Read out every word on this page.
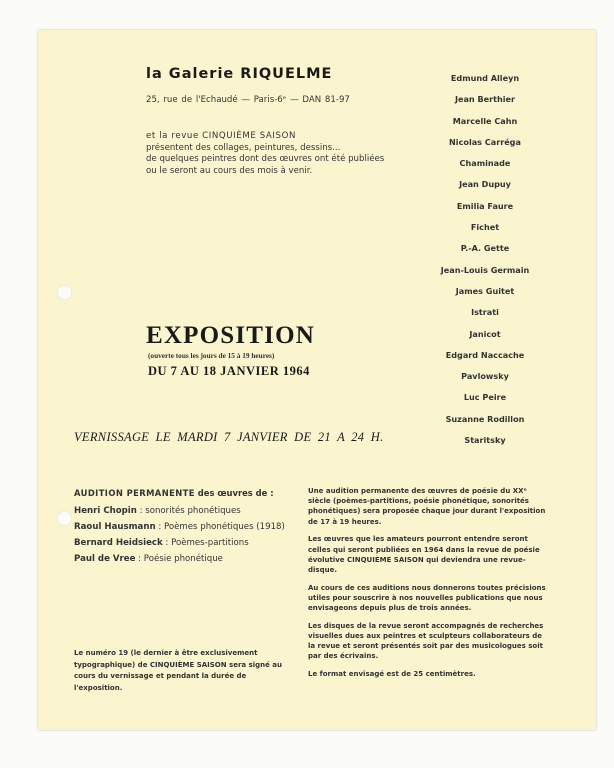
la Galerie RIQUELME
25, rue de l'Echaudé — Paris-6ᵉ — DAN 81-97
et la revue CINQUIÈME SAISON
présentent des collages, peintures, dessins...
de quelques peintres dont des œuvres ont été publiées
ou le seront au cours des mois à venir.
Edmund Alleyn
Jean Berthier
Marcelle Cahn
Nicolas Carréga
Chaminade
Jean Dupuy
Emilia Faure
Fichet
P.-A. Gette
Jean-Louis Germain
James Guitet
Istrati
Janicot
Edgard Naccache
Pavlowsky
Luc Peire
Suzanne Rodillon
Staritsky
EXPOSITION
(ouverte tous les jours de 15 à 19 heures)
DU 7 AU 18 JANVIER 1964
VERNISSAGE LE MARDI 7 JANVIER DE 21 A 24 H.
AUDITION PERMANENTE des œuvres de :
Henri Chopin : sonorités phonétiques
Raoul Hausmann : Poèmes phonétiques (1918)
Bernard Heidsieck : Poèmes-partitions
Paul de Vree : Poésie phonétique
Le numéro 19 (le dernier à être exclusivement typographique) de CINQUIÈME SAISON sera signé au cours du vernissage et pendant la durée de l'exposition.

Une audition permanente des œuvres de poésie du XXᵉ siècle (poèmes-partitions, poésie phonétique, sonorités phonétiques) sera proposée chaque jour durant l'exposition de 17 à 19 heures.

Les œuvres que les amateurs pourront entendre seront celles qui seront publiées en 1964 dans la revue de poésie évolutive CINQUIÈME SAISON qui deviendra une revue-disque.

Au cours de ces auditions nous donnerons toutes précisions utiles pour souscrire à nos nouvelles publications que nous envisageons depuis plus de trois années.

Les disques de la revue seront accompagnés de recherches visuelles dues aux peintres et sculpteurs collaborateurs de la revue et seront présentés soit par des musicologues soit par des écrivains.

Le format envisagé est de 25 centimètres.
